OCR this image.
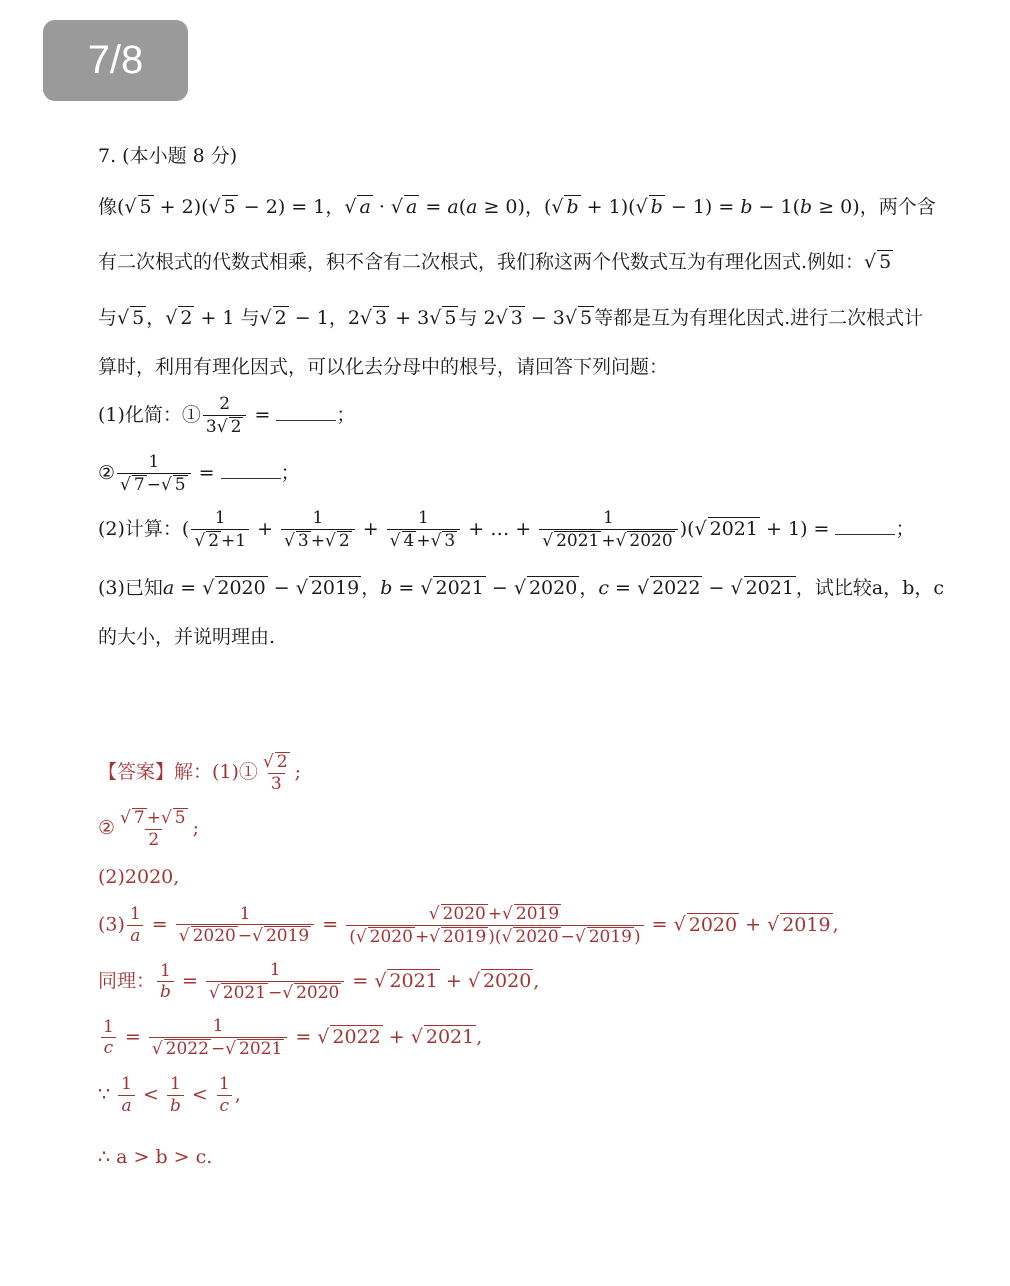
7/8
7. (本小题 8 分)
像(√ 5 + 2)(√ 5 − 2) = 1，√ a · √ a = a(a ≥ 0)，(√ b + 1)(√ b − 1) = b − 1(b ≥ 0)，两个含
有二次根式的代数式相乘，积不含有二次根式，我们称这两个代数式互为有理化因式.例如：√ 5
与√ 5 ，√ 2 + 1 与√ 2 − 1，2√ 3 + 3√ 5 与 2√ 3 − 3√ 5 等都是互为有理化因式.进行二次根式计
算时，利用有理化因式，可以化去分母中的根号，请回答下列问题：
(1)化简：① $\frac{2}{3√ 2}$ =	；
② $\frac{1}{√ 7 -√ 5}$ =	；
(2)计算：( $\frac{1}{√ 2 +1} + \frac{1}{√ 3 +√ 2} + \frac{1}{√ 4 +√ 3}$ + … + $\frac{1}{√ 2021 +√ 2020}$ )(√ 2021 + 1) =	；
(3)已知a = √ 2020 − √ 2019 ，b = √ 2021 − √ 2020 ，c = √ 2022 − √ 2021 ，试比较a，b，c
的大小，并说明理由.
【答案】解：(1)① $\frac{√ 2}{3}$ ;
② $\frac{√ 7 +√ 5}{2}$ ;
(2)2020,
$(3) \frac{1}{a} = \frac{1}{√ 2020 -√ 2019} = \frac{√ 2020 +√ 2019}{(√ 2020 +√ 2019 )(√ 2020 -√ 2019 )}$ = √ 2020 + √ 2019 ,
同理： $\frac{1}{b} = \frac{1}{√ 2021 -√ 2020}$ = √ 2021 + √ 2020 ,
$\frac{1}{c} = \frac{1}{√ 2022 -√ 2021}$ = √ 2022 + √ 2021 ,
∵ $\frac{1}{a} < \frac{1}{b} < \frac{1}{c}$ ,
∴ a > b > c.
